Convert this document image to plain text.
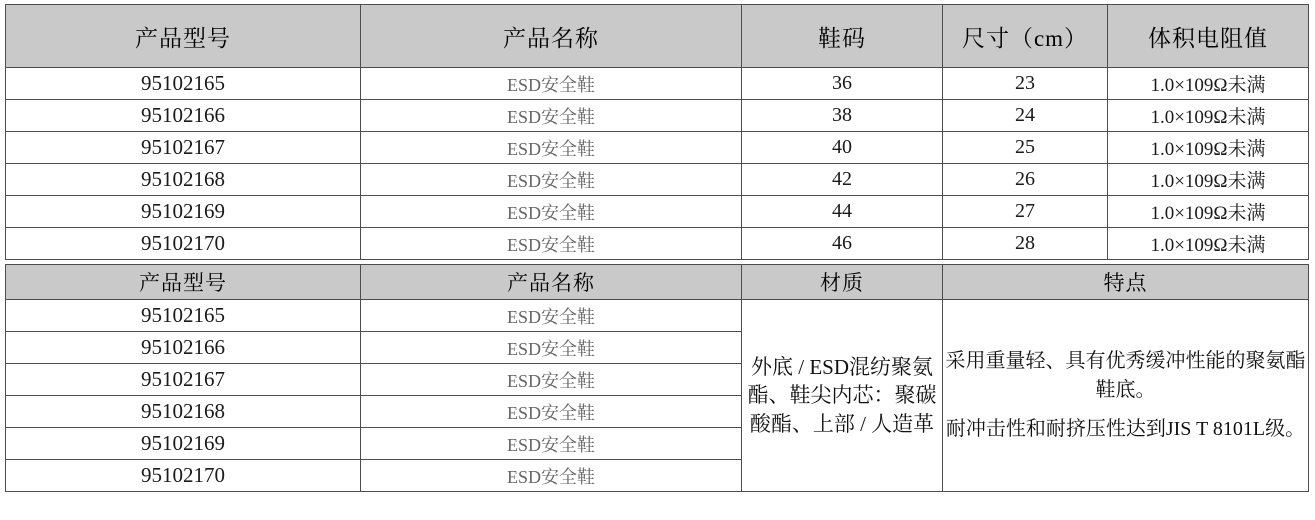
产品型号	产品名称	鞋码	尺寸（cm）	体积电阻值
95102165	ESD安全鞋	36	23	1.0×109Ω未满
95102166	ESD安全鞋	38	24	1.0×109Ω未满
95102167	ESD安全鞋	40	25	1.0×109Ω未满
95102168	ESD安全鞋	42	26	1.0×109Ω未满
95102169	ESD安全鞋	44	27	1.0×109Ω未满
95102170	ESD安全鞋	46	28	1.0×109Ω未满
产品型号	产品名称	材质	特点
95102165	ESD安全鞋	外底 / ESD混纺聚氨酯、鞋尖内芯：聚碳酸酯、上部 / 人造革	采用重量轻、具有优秀缓冲性能的聚氨酯鞋底。

耐冲击性和耐挤压性达到JIS T 8101L级。

95102166	ESD安全鞋		
95102167	ESD安全鞋		
95102168	ESD安全鞋		
95102169	ESD安全鞋		
95102170	ESD安全鞋		
